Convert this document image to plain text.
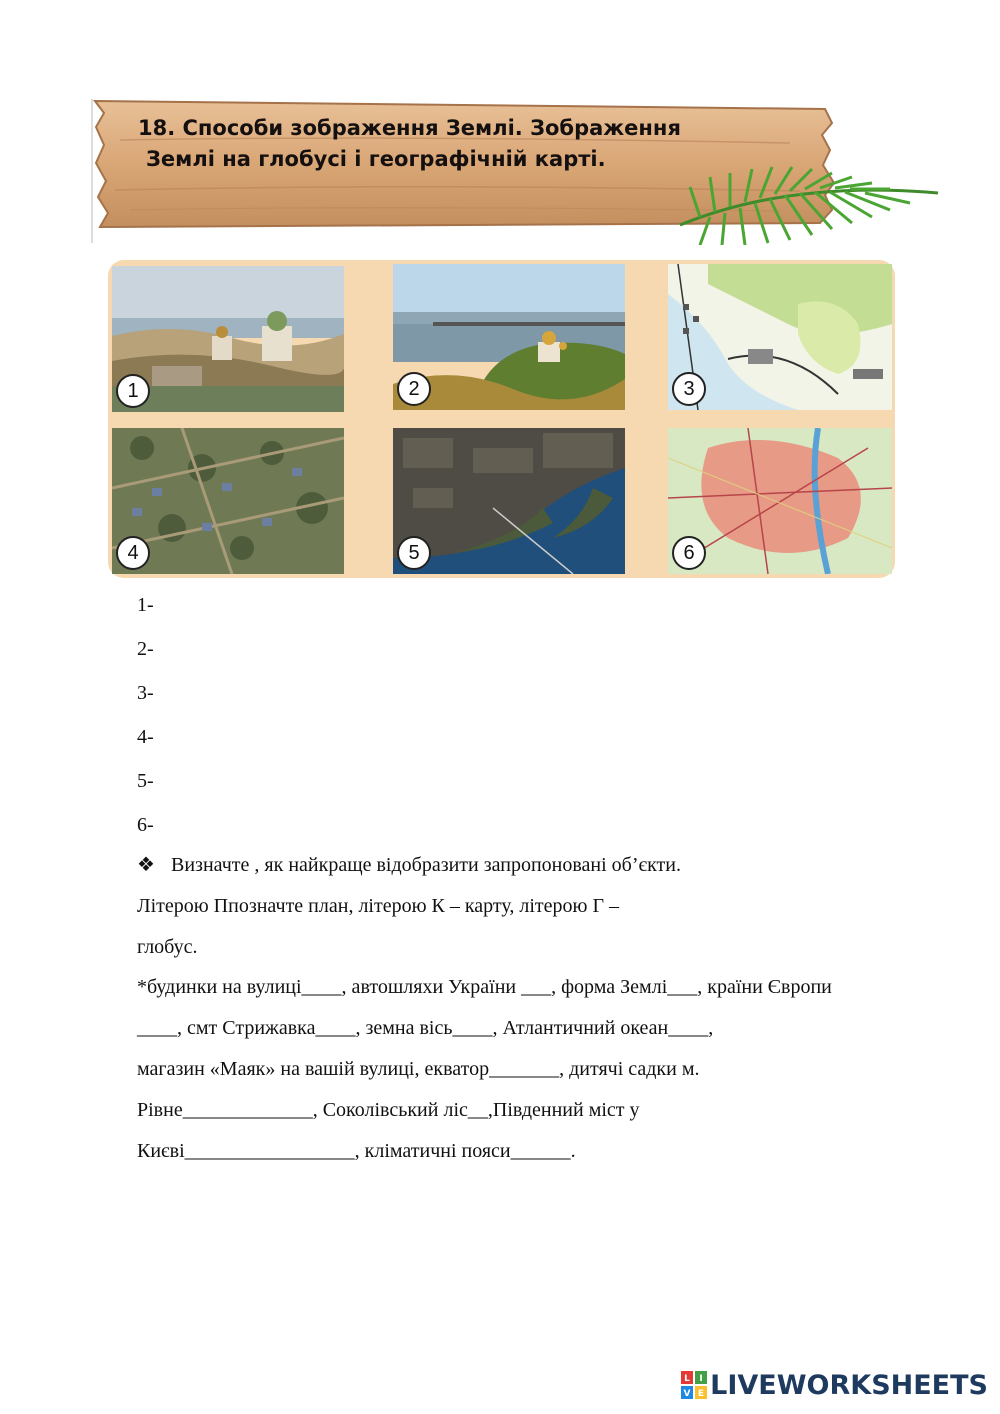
18. Способи зображення Землі. Зображення
Землі на глобусі і географічній карті.
1	2	3
4	5	6
1-
2-
3-
4-
5-
6-

❖ Визначте , як найкраще відобразити запропоновані об’єкти.

Літерою Ппозначте план, літерою К – карту, літерою Г –

глобус.

*будинки на вулиці____, автошляхи України ___, форма Землі___, країни Європи

____, смт Стрижавка____, земна вісь____, Атлантичний океан____,

магазин «Маяк» на вашій вулиці, екватор_______, дитячі садки м.

Рівне_____________, Соколівський ліс__,Південний міст у

Києві_________________, кліматичні пояси______.

L I
V E LIVEWORKSHEETS
